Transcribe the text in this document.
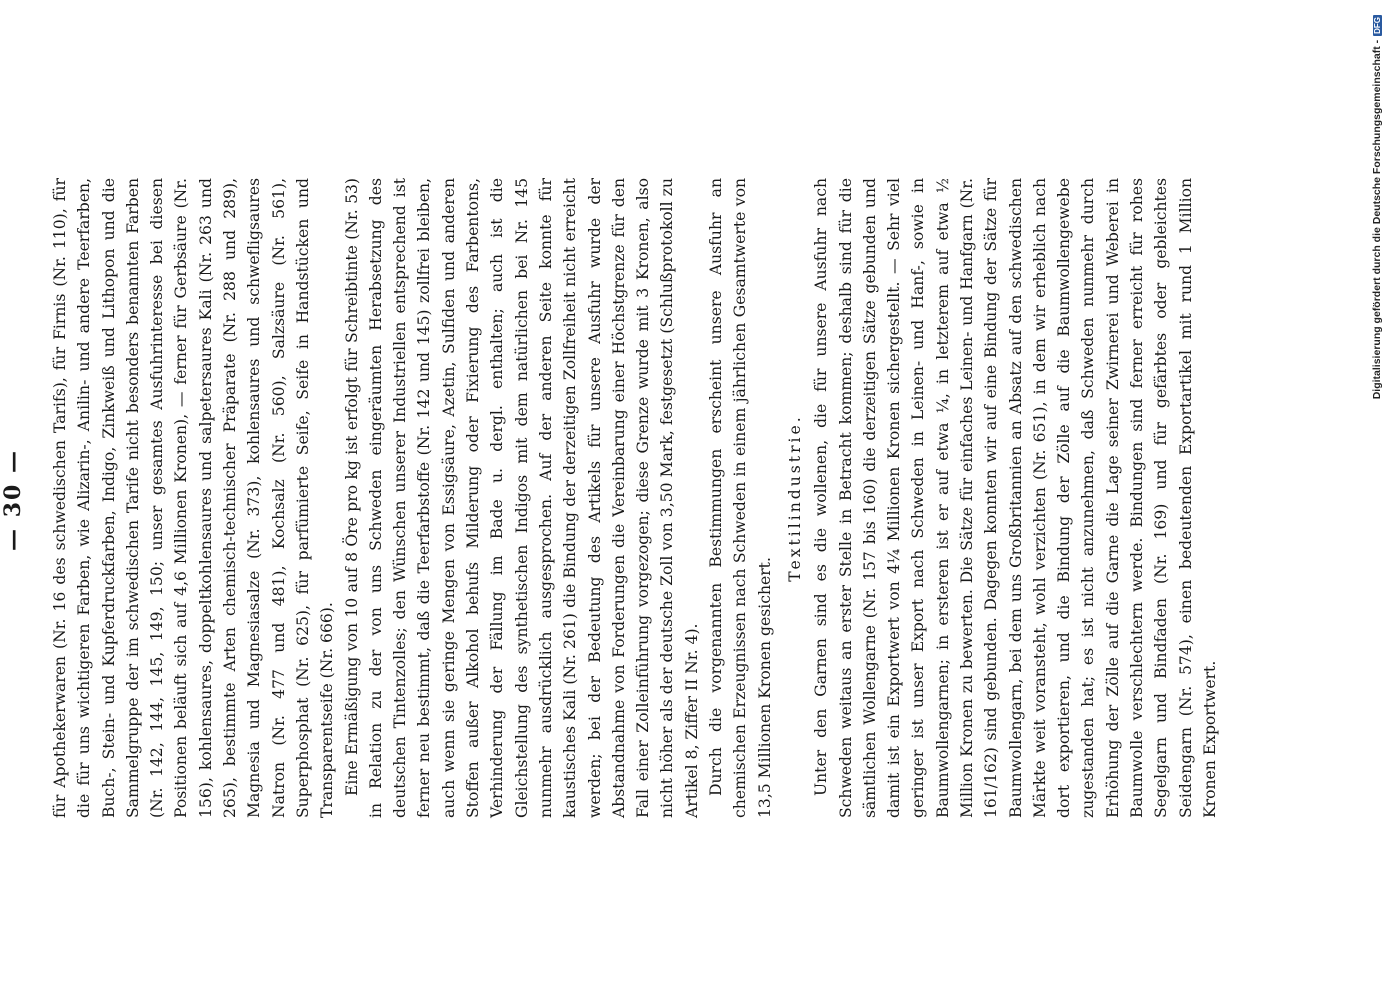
— 30 — für Apothekerwaren (Nr. 16 des schwedischen Tarifs), für Firnis (Nr. 110), für die für uns wichtigeren Farben, wie Alizarin-, Anilin- und andere Teerfarben, Buch-, Stein- und Kupferdruckfarben, Indigo, Zinkweiß und Lithopon und die Sammelgruppe der im schwedischen Tarife nicht besonders benannten Farben (Nr. 142, 144, 145, 149, 150; unser gesamtes Ausfuhrinteresse bei diesen Positionen beläuft sich auf 4,6 Millionen Kronen), — ferner für Gerbsäure (Nr. 156), kohlensaures, doppeltkohlensaures und salpetersaures Kali (Nr. 263 und 265), bestimmte Arten chemisch-technischer Präparate (Nr. 288 und 289), Magnesia und Magnesiasalze (Nr. 373), kohlensaures und schwefligsaures Natron (Nr. 477 und 481), Kochsalz (Nr. 560), Salzsäure (Nr. 561), Superphosphat (Nr. 625), für parfümierte Seife, Seife in Handstücken und Transparentseife (Nr. 666). Eine Ermäßigung von 10 auf 8 Öre pro kg ist erfolgt für Schreibtinte (Nr. 53) in Relation zu der von uns Schweden eingeräumten Herabsetzung des deutschen Tintenzolles; den Wünschen unserer Industriellen entsprechend ist ferner neu bestimmt, daß die Teerfarbstoffe (Nr. 142 und 145) zollfrei bleiben, auch wenn sie geringe Mengen von Essigsäure, Azetin, Sulfiden und anderen Stoffen außer Alkohol behufs Milderung oder Fixierung des Farbentons, Verhinderung der Fällung im Bade u. dergl. enthalten; auch ist die Gleichstellung des synthetischen Indigos mit dem natürlichen bei Nr. 145 nunmehr ausdrücklich ausgesprochen. Auf der anderen Seite konnte für kaustisches Kali (Nr. 261) die Bindung der derzeitigen Zollfreiheit nicht erreicht werden; bei der Bedeutung des Artikels für unsere Ausfuhr wurde der Abstandnahme von Forderungen die Vereinbarung einer Höchstgrenze für den Fall einer Zolleinführung vorgezogen; diese Grenze wurde mit 3 Kronen, also nicht höher als der deutsche Zoll von 3,50 Mark, festgesetzt (Schlußprotokoll zu Artikel 8, Ziffer II Nr. 4). Durch die vorgenannten Bestimmungen erscheint unsere Ausfuhr an chemischen Erzeugnissen nach Schweden in einem jährlichen Gesamtwerte von 13,5 Millionen Kronen gesichert.

Textilindustrie. Unter den Garnen sind es die wollenen, die für unsere Ausfuhr nach Schweden weitaus an erster Stelle in Betracht kommen; deshalb sind für die sämtlichen Wollengarne (Nr. 157 bis 160) die derzeitigen Sätze gebunden und damit ist ein Exportwert von 4¼ Millionen Kronen sichergestellt. — Sehr viel geringer ist unser Export nach Schweden in Leinen- und Hanf-, sowie in Baumwollengarnen; in ersteren ist er auf etwa ¼, in letzterem auf etwa ½ Million Kronen zu bewerten. Die Sätze für einfaches Leinen- und Hanfgarn (Nr. 161/162) sind gebunden. Dagegen konnten wir auf eine Bindung der Sätze für Baumwollengarn, bei dem uns Großbritannien an Absatz auf den schwedischen Märkte weit voransteht, wohl verzichten (Nr. 651), in dem wir erheblich nach dort exportieren, und die Bindung der Zölle auf die Baumwollengewebe zugestanden hat; es ist nicht anzunehmen, daß Schweden nunmehr durch Erhöhung der Zölle auf die Garne die Lage seiner Zwirnerei und Weberei in Baumwolle verschlechtern werde. Bindungen sind ferner erreicht für rohes Segelgarn und Bindfaden (Nr. 169) und für gefärbtes oder gebleichtes Seidengarn (Nr. 574), einen bedeutenden Exportartikel mit rund 1 Million Kronen Exportwert.

Digitalisierung gefördert durch die Deutsche Forschungsgemeinschaft -
DFG
